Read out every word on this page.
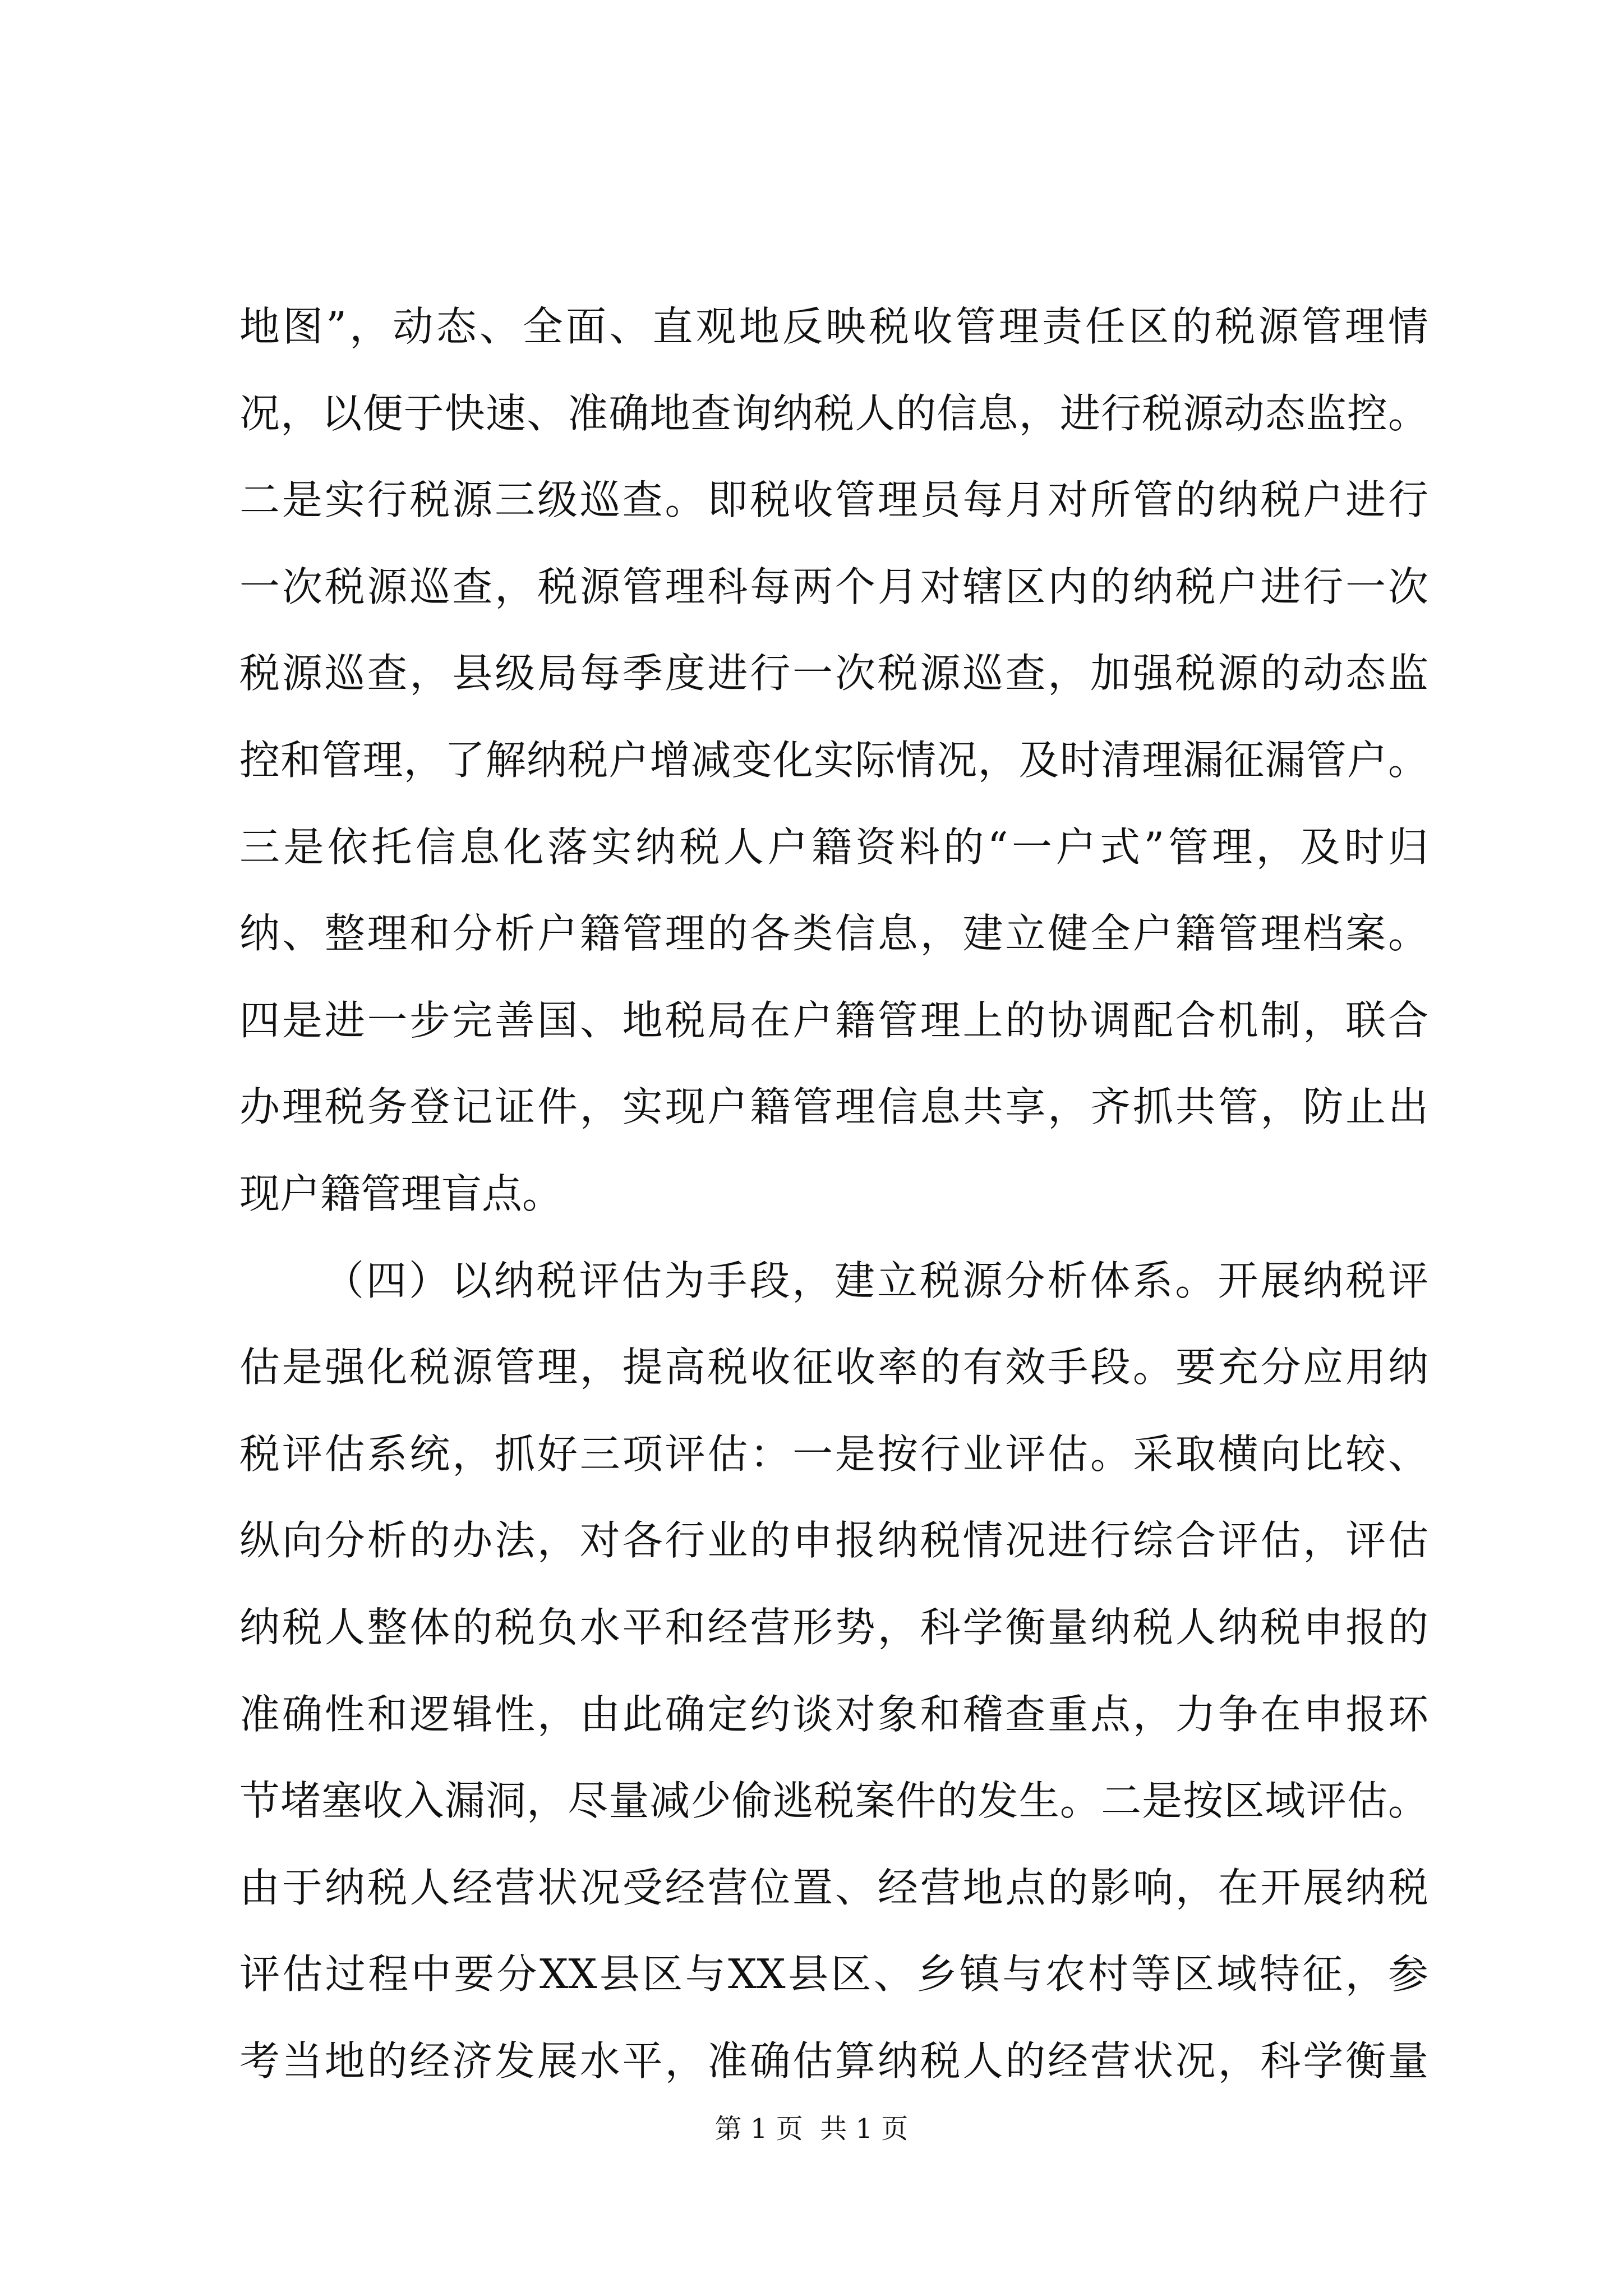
地图”，动态、全面、直观地反映税收管理责任区的税源管理情
况，以便于快速、准确地查询纳税人的信息，进行税源动态监控。
二是实行税源三级巡查。即税收管理员每月对所管的纳税户进行
一次税源巡查，税源管理科每两个月对辖区内的纳税户进行一次
税源巡查，县级局每季度进行一次税源巡查，加强税源的动态监
控和管理，了解纳税户增减变化实际情况，及时清理漏征漏管户。
三是依托信息化落实纳税人户籍资料的“一户式”管理，及时归
纳、整理和分析户籍管理的各类信息，建立健全户籍管理档案。
四是进一步完善国、地税局在户籍管理上的协调配合机制，联合
办理税务登记证件，实现户籍管理信息共享，齐抓共管，防止出
现户籍管理盲点。
（四）以纳税评估为手段，建立税源分析体系。开展纳税评
估是强化税源管理，提高税收征收率的有效手段。要充分应用纳
税评估系统，抓好三项评估：一是按行业评估。采取横向比较、
纵向分析的办法，对各行业的申报纳税情况进行综合评估，评估
纳税人整体的税负水平和经营形势，科学衡量纳税人纳税申报的
准确性和逻辑性，由此确定约谈对象和稽查重点，力争在申报环
节堵塞收入漏洞，尽量减少偷逃税案件的发生。二是按区域评估。
由于纳税人经营状况受经营位置、经营地点的影响，在开展纳税
评估过程中要分XX县区与XX县区、乡镇与农村等区域特征，参
考当地的经济发展水平，准确估算纳税人的经营状况，科学衡量
第 1 页  共 1 页
